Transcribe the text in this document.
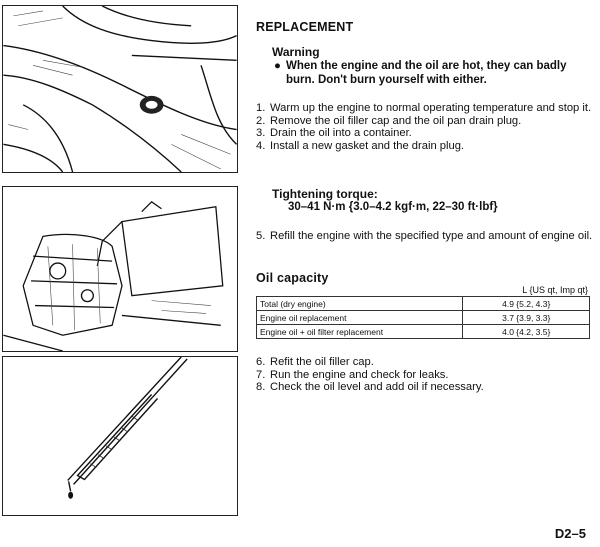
REPLACEMENT
Warning
● When the engine and the oil are hot, they can badly burn. Don't burn yourself with either.
1. Warm up the engine to normal operating temperature and stop it.
2. Remove the oil filler cap and the oil pan drain plug.
3. Drain the oil into a container.
4. Install a new gasket and the drain plug.
Tightening torque:
30–41 N·m {3.0–4.2 kgf·m, 22–30 ft·lbf}
5. Refill the engine with the specified type and amount of engine oil.
Oil capacity
L {US qt, Imp qt}
Total (dry engine)	4.9 {5.2, 4.3}
Engine oil replacement	3.7 {3.9, 3.3}
Engine oil + oil filter replacement	4.0 {4.2, 3.5}
6. Refit the oil filler cap.
7. Run the engine and check for leaks.
8. Check the oil level and add oil if necessary.
D2–5
